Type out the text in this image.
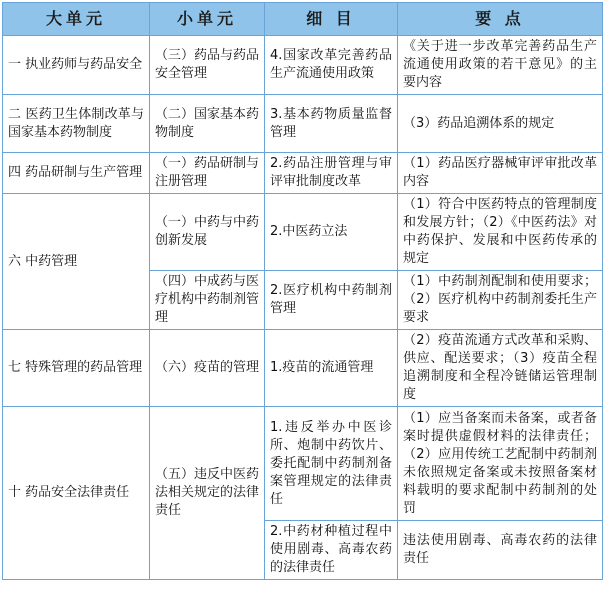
大单元	小单元	细 目	要 点
一 执业药师与药品安全	（三）药品与药品安全管理	4.国家改革完善药品生产流通使用政策	《关于进一步改革完善药品生产流通使用政策的若干意见》的主要内容
二 医药卫生体制改革与国家基本药物制度	（二）国家基本药物制度	3.基本药物质量监督管理	（3）药品追溯体系的规定
四 药品研制与生产管理	（一）药品研制与注册管理	2.药品注册管理与审评审批制度改革	（1）药品医疗器械审评审批改革内容
六 中药管理	（一）中药与中药创新发展	2.中医药立法	（1）符合中医药特点的管理制度和发展方针；（2）《中医药法》对中药保护、发展和中医药传承的规定
	（四）中成药与医疗机构中药制剂管理	2.医疗机构中药制剂管理	（1）中药制剂配制和使用要求；（2）医疗机构中药制剂委托生产要求
七 特殊管理的药品管理	（六）疫苗的管理	1.疫苗的流通管理	（2）疫苗流通方式改革和采购、供应、配送要求；（3）疫苗全程追溯制度和全程冷链储运管理制度
十 药品安全法律责任	（五）违反中医药法相关规定的法律责任	1.违反举办中医诊所、炮制中药饮片、委托配制中药制剂备案管理规定的法律责任	（1）应当备案而未备案，或者备案时提供虚假材料的法律责任；（2）应用传统工艺配制中药制剂未依照规定备案或未按照备案材料载明的要求配制中药制剂的处罚
		2.中药材种植过程中使用剧毒、高毒农药的法律责任	违法使用剧毒、高毒农药的法律责任
